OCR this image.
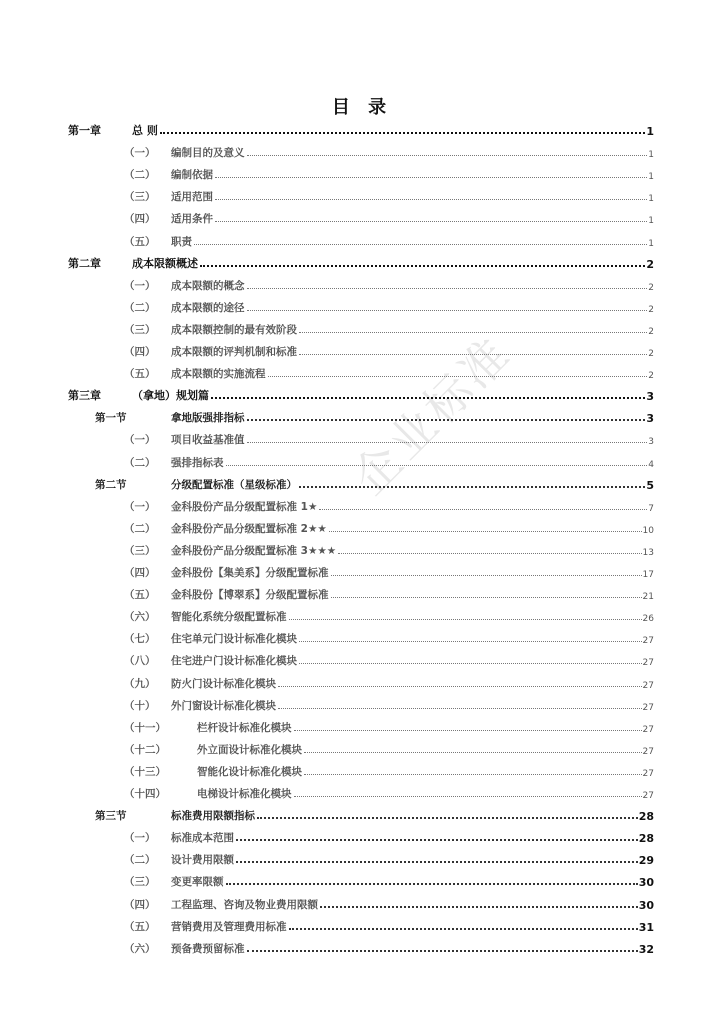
目 录
企业标准
第一章	总 则	1
（一）	编制目的及意义	1
（二）	编制依据	1
（三）	适用范围	1
（四）	适用条件	1
（五）	职责	1
第二章	成本限额概述	2
（一）	成本限额的概念	2
（二）	成本限额的途径	2
（三）	成本限额控制的最有效阶段	2
（四）	成本限额的评判机制和标准	2
（五）	成本限额的实施流程	2
第三章	（拿地）规划篇	3
第一节	拿地版强排指标	3
（一）	项目收益基准值	3
（二）	强排指标表	4
第二节	分级配置标准（星级标准）	5
（一）	金科股份产品分级配置标准 1★	7
（二）	金科股份产品分级配置标准 2★★	10
（三）	金科股份产品分级配置标准 3★★★	13
（四）	金科股份【集美系】分级配置标准	17
（五）	金科股份【博翠系】分级配置标准	21
（六）	智能化系统分级配置标准	26
（七）	住宅单元门设计标准化模块	27
（八）	住宅进户门设计标准化模块	27
（九）	防火门设计标准化模块	27
（十）	外门窗设计标准化模块	27
（十一）	栏杆设计标准化模块	27
（十二）	外立面设计标准化模块	27
（十三）	智能化设计标准化模块	27
（十四）	电梯设计标准化模块	27
第三节	标准费用限额指标	28
（一）	标准成本范围	28
（二）	设计费用限额	29
（三）	变更率限额	30
（四）	工程监理、咨询及物业费用限额	30
（五）	营销费用及管理费用标准	31
（六）	预备费预留标准	32
